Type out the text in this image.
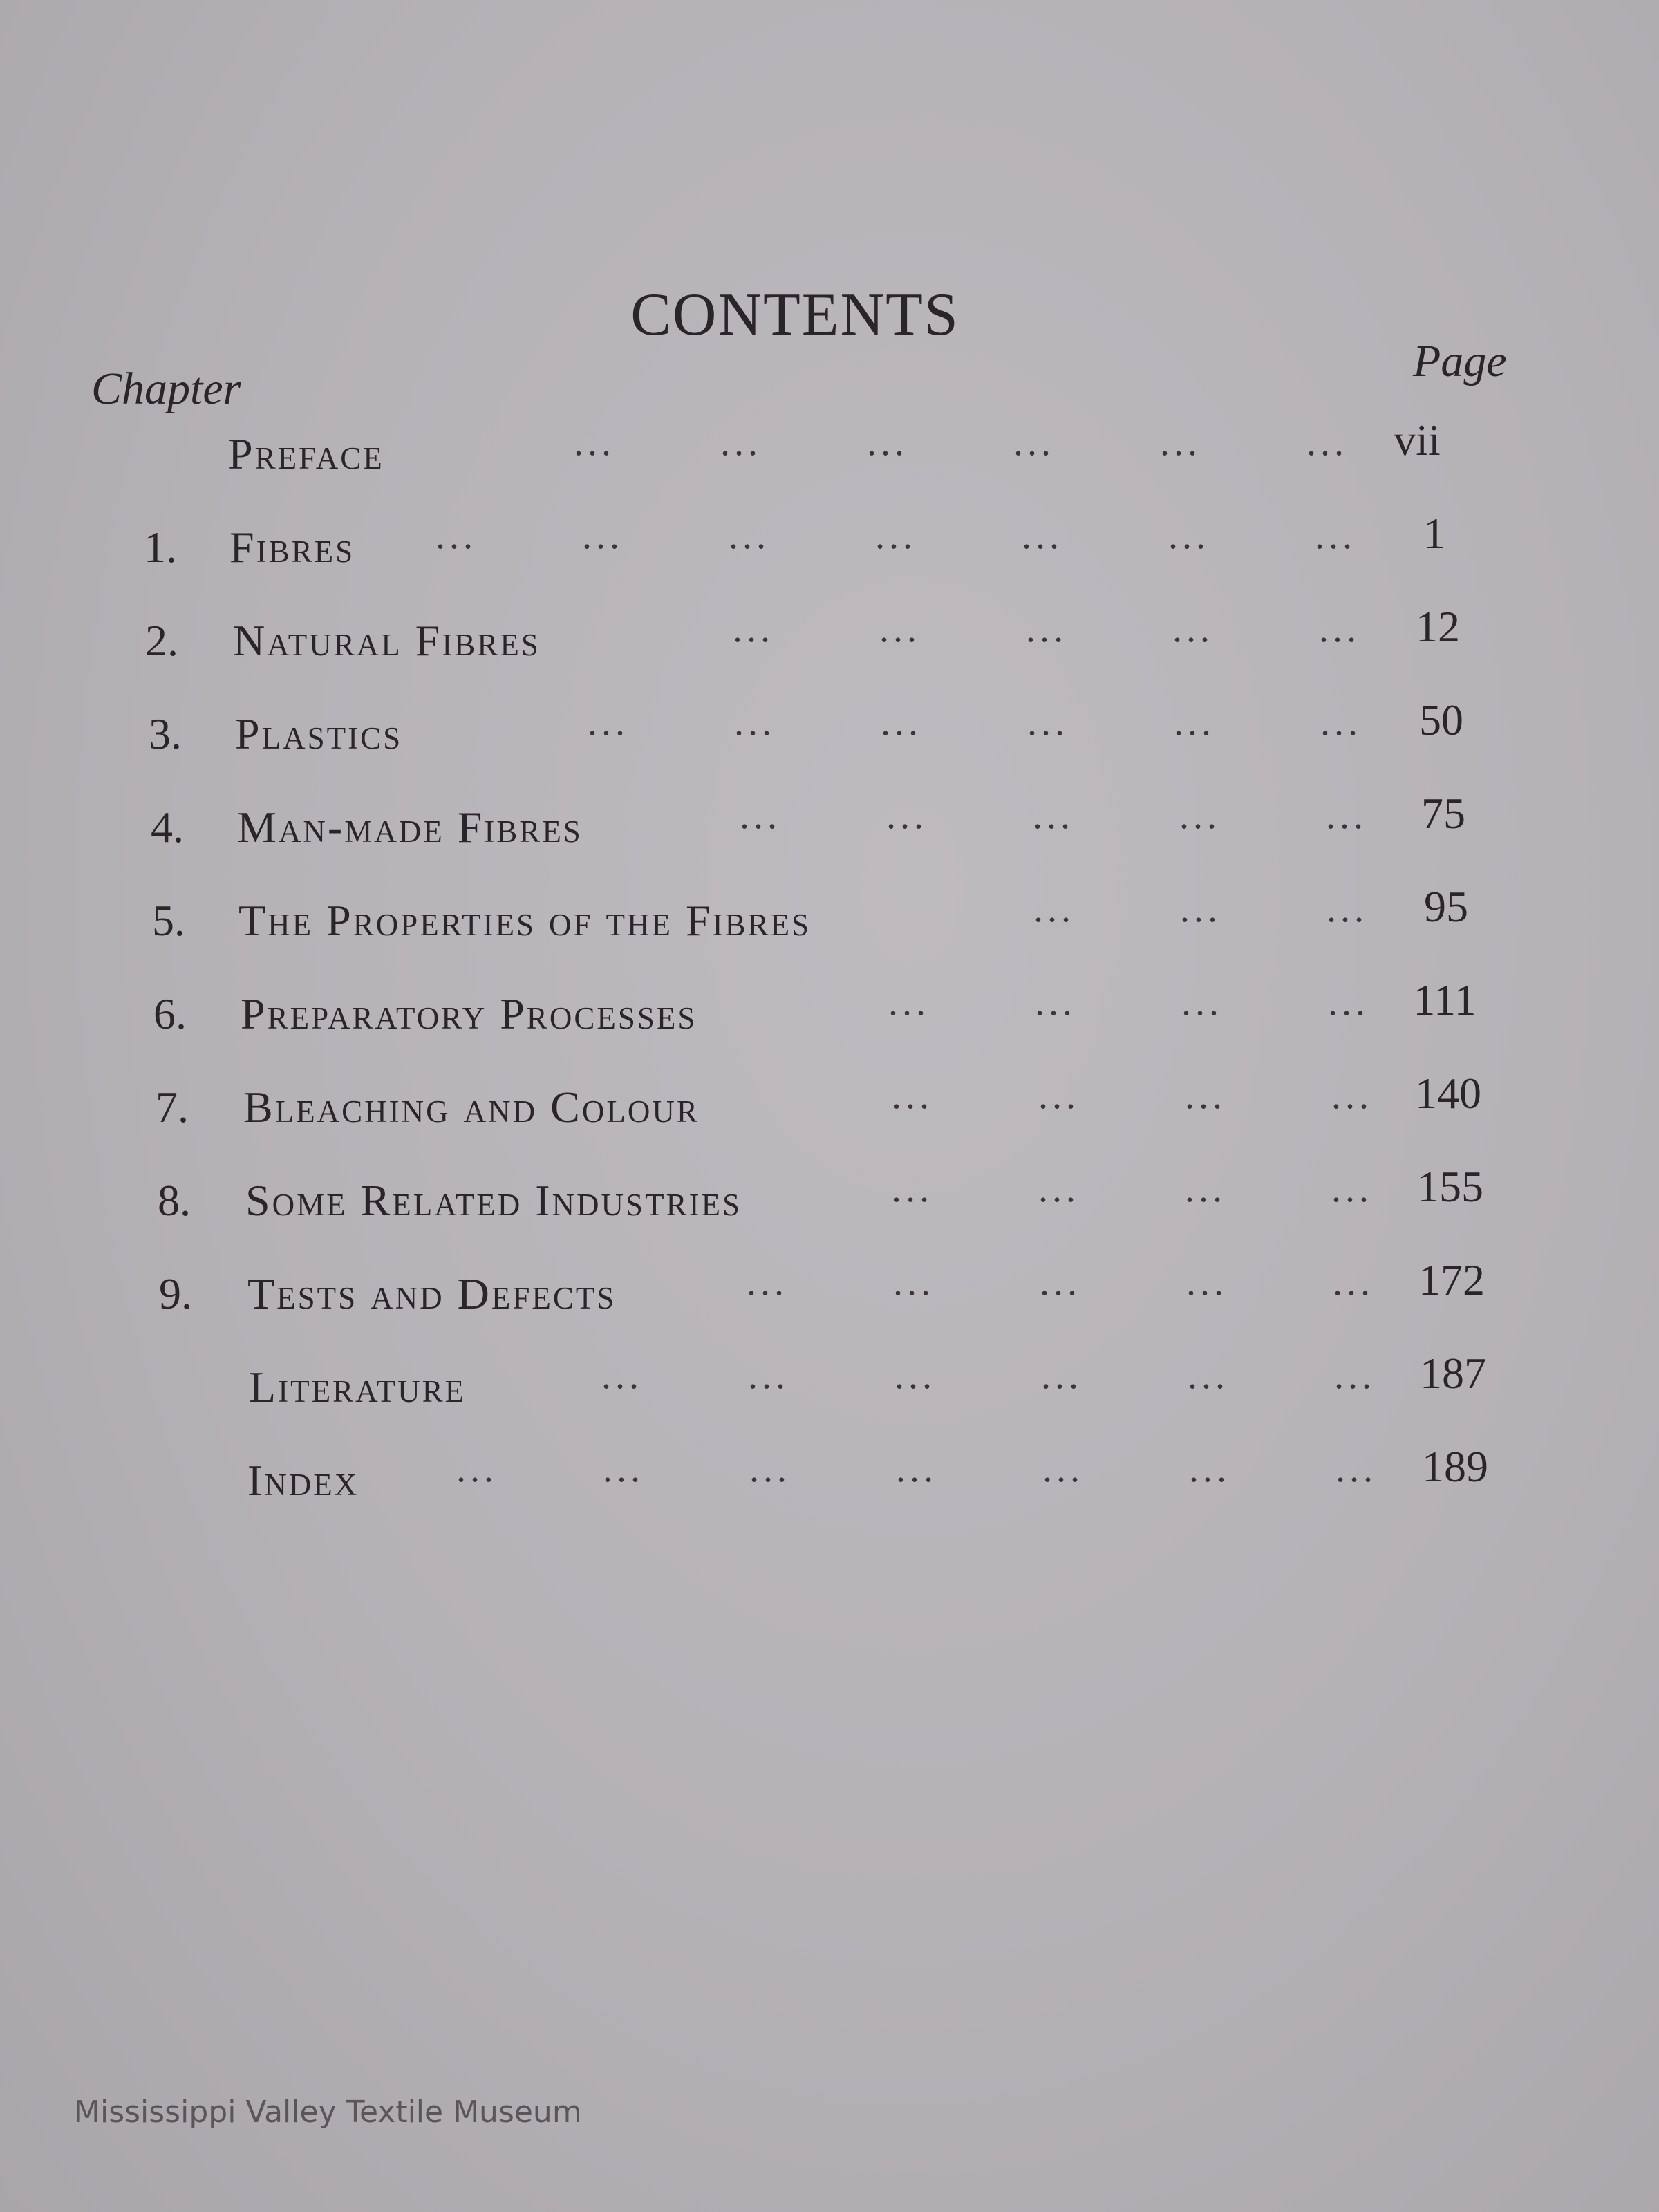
CONTENTS
Chapter
Page
Preface	...	...	...	...	...	...	vii
1.	Fibres ...	...	...	...	...	...	...	1
2.	Natural Fibres	...	...	...	...	...	12
3.	Plastics	...	...	...	...	...	...	50
4.	Man-made Fibres	...	...	...	...	...	75
5.	The Properties of the Fibres	...	...	...	95
6.	Preparatory Processes	...	...	...	... 111
7.	Bleaching and Colour	...	...	...	... 140
8.	Some Related Industries	...	...	...	...	155
9.	Tests and Defects	...	...	...	...	...	172
Literature	...	...	...	...	...	...	187
Index	...	...	...	...	...	...	...	189
Mississippi Valley Textile Museum
